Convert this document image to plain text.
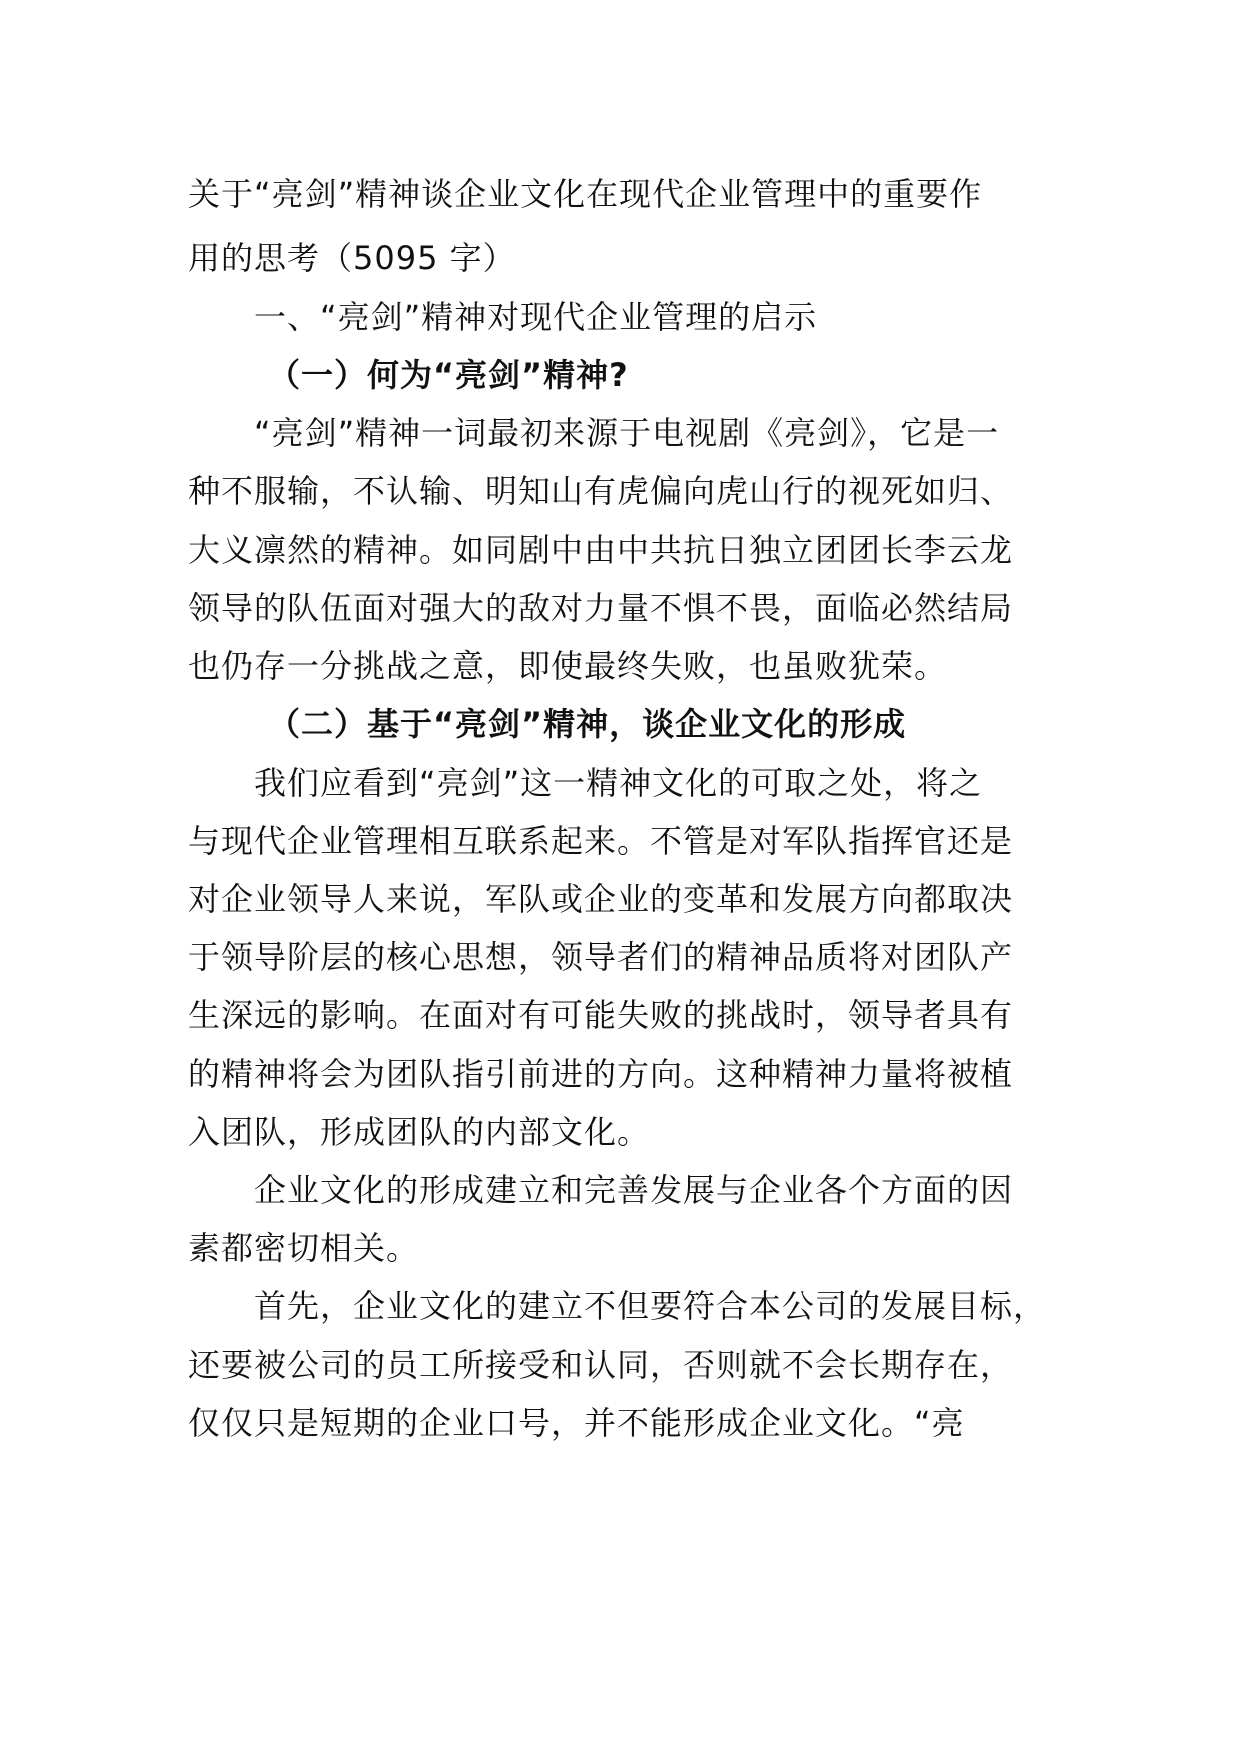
关于“亮剑”精神谈企业文化在现代企业管理中的重要作

用的思考（5095 字）

一、“亮剑”精神对现代企业管理的启示

（一）何为“亮剑”精神?

“亮剑”精神一词最初来源于电视剧《亮剑》，它是一

种不服输，不认输、明知山有虎偏向虎山行的视死如归、

大义凛然的精神。如同剧中由中共抗日独立团团长李云龙

领导的队伍面对强大的敌对力量不惧不畏，面临必然结局

也仍存一分挑战之意，即使最终失败，也虽败犹荣。

（二）基于“亮剑”精神，谈企业文化的形成

我们应看到“亮剑”这一精神文化的可取之处，将之

与现代企业管理相互联系起来。不管是对军队指挥官还是

对企业领导人来说，军队或企业的变革和发展方向都取决

于领导阶层的核心思想，领导者们的精神品质将对团队产

生深远的影响。在面对有可能失败的挑战时，领导者具有

的精神将会为团队指引前进的方向。这种精神力量将被植

入团队，形成团队的内部文化。

企业文化的形成建立和完善发展与企业各个方面的因

素都密切相关。

首先，企业文化的建立不但要符合本公司的发展目标，

还要被公司的员工所接受和认同，否则就不会长期存在，

仅仅只是短期的企业口号，并不能形成企业文化。“亮
